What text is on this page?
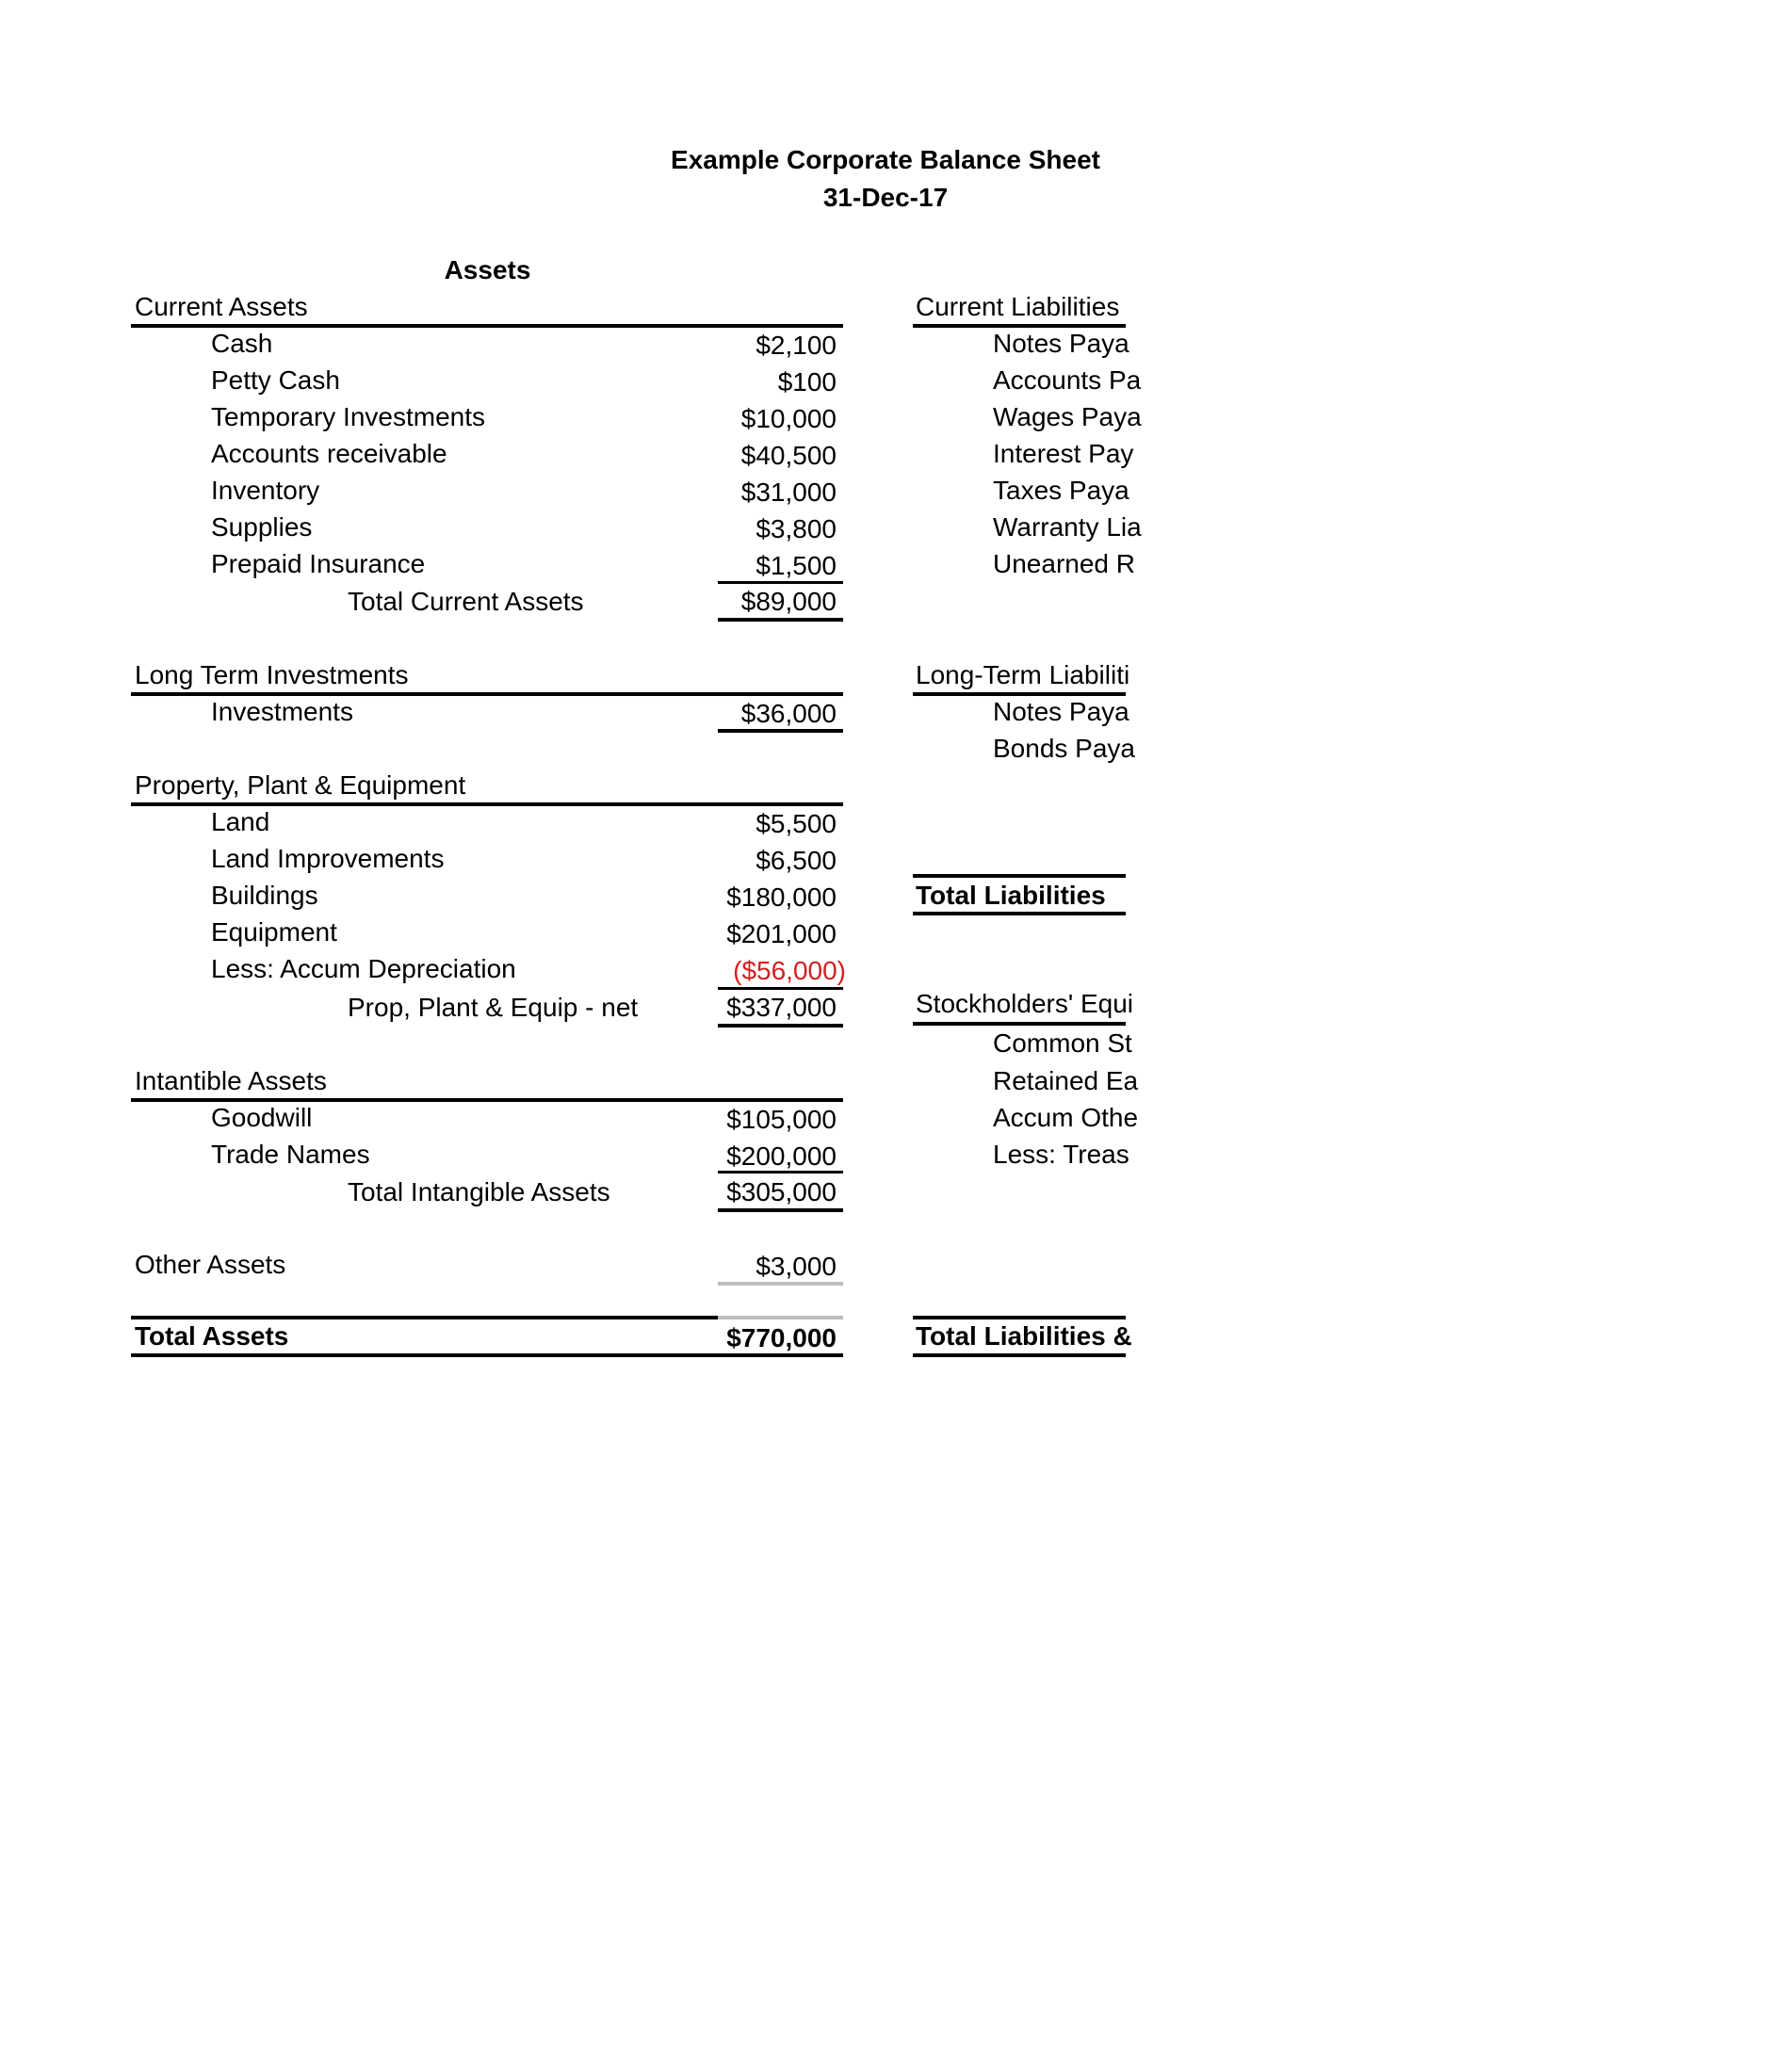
Example Corporate Balance Sheet
31-Dec-17
Assets
Current Assets
Cash	$2,100
Petty Cash	$100
Temporary Investments	$10,000
Accounts receivable	$40,500
Inventory	$31,000
Supplies	$3,800
Prepaid Insurance	$1,500
Total Current Assets	$89,000
Long Term Investments
Investments	$36,000
Property, Plant & Equipment
Land	$5,500
Land Improvements	$6,500
Buildings	$180,000
Equipment	$201,000
Less: Accum Depreciation	($56,000)
Prop, Plant & Equip - net	$337,000
Intantible Assets
Goodwill	$105,000
Trade Names	$200,000
Total Intangible Assets	$305,000
Other Assets	$3,000
Total Assets	$770,000
Current Liabilities
Notes Paya
Accounts Pa
Wages Paya
Interest Pay
Taxes Paya
Warranty Lia
Unearned R
Long-Term Liabiliti
Notes Paya
Bonds Paya
Total Liabilities
Stockholders' Equi
Common St
Retained Ea
Accum Othe
Less: Treas
Total Liabilities &
